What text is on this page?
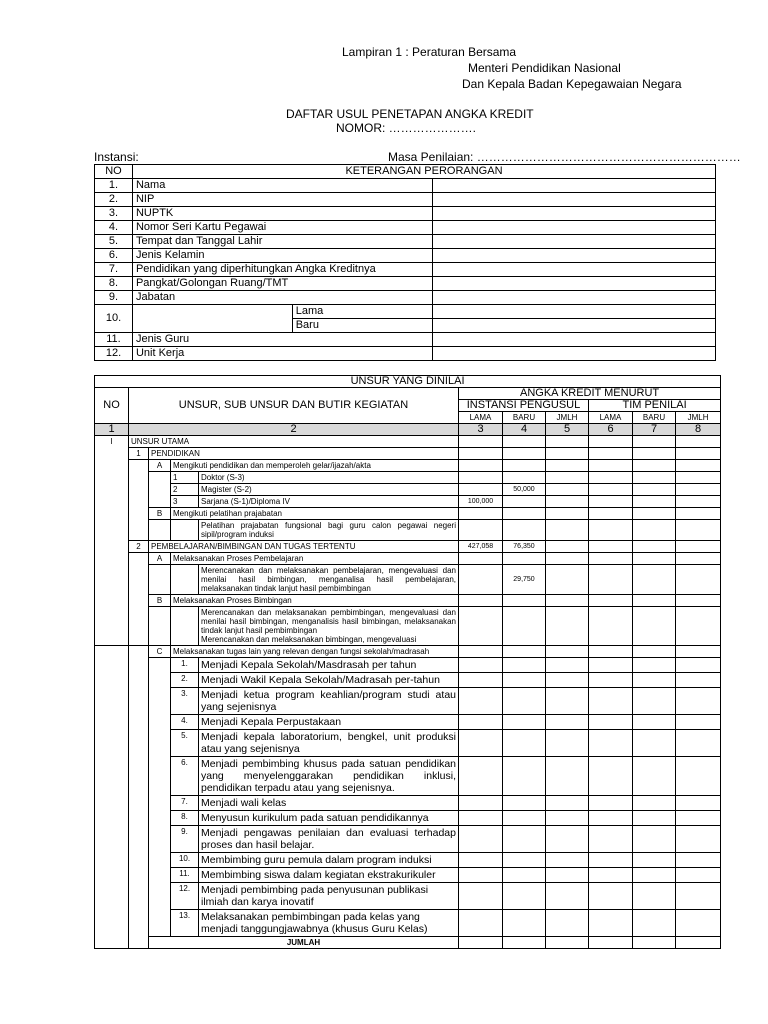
Lampiran 1 : Peraturan Bersama
Menteri Pendidikan Nasional
Dan Kepala Badan Kepegawaian Negara
DAFTAR USUL PENETAPAN ANGKA KREDIT
NOMOR: ………………….
Instansi:	Masa Penilaian: …………………………………………………………
NO	KETERANGAN PERORANGAN		
1.	Nama		
2.	NIP		
3.	NUPTK		
4.	Nomor Seri Kartu Pegawai		
5.	Tempat dan Tanggal Lahir		
6.	Jenis Kelamin		
7.	Pendidikan yang diperhitungkan Angka Kreditnya		
8.	Pangkat/Golongan Ruang/TMT		
9.	Jabatan		
10.		Lama	
		Baru	
11.	Jenis Guru		
12.	Unit Kerja		
UNSUR YANG DINILAI										
NO	UNSUR, SUB UNSUR DAN BUTIR KEGIATAN				ANGKA KREDIT MENURUT					
					INSTANSI PENGUSUL			TIM PENILAI		
					LAMA	BARU	JMLH	LAMA	BARU	JMLH
1	2				3	4	5	6	7	8
I	UNSUR UTAMA									
	1	PENDIDIKAN								
		A	Mengikuti pendidikan dan memperoleh gelar/ijazah/akta							
			1	Doktor (S-3)						
			2	Magister (S-2)		50,000				
			3	Sarjana (S-1)/Diploma IV	100,000					
		B	Mengikuti pelatihan prajabatan							
				Pelatihan prajabatan fungsional bagi guru calon pegawai negeri sipil/program induksi						
	2	PEMBELAJARAN/BIMBINGAN DAN TUGAS TERTENTU			427,058	76,350				
		A	Melaksanakan Proses Pembelajaran							
				Merencanakan dan melaksanakan pembelajaran, mengevaluasi dan menilai hasil bimbingan, menganalisa hasil pembelajaran, melaksanakan tindak lanjut hasil pembimbingan		29,750				
		B	Melaksanakan Proses Bimbingan							
				Merencanakan dan melaksanakan pembimbingan, mengevaluasi dan menilai hasil bimbingan, menganalisis hasil bimbingan, melaksanakan tindak lanjut hasil pembimbingan
Merencanakan dan melaksanakan bimbingan, mengevaluasi						
		C	Melaksanakan tugas lain yang relevan dengan fungsi sekolah/madrasah							
			1.	Menjadi Kepala Sekolah/Masdrasah per tahun						
			2.	Menjadi Wakil Kepala Sekolah/Madrasah per-tahun						
			3.	Menjadi ketua program keahlian/program studi atau yang sejenisnya						
			4.	Menjadi Kepala Perpustakaan						
			5.	Menjadi kepala laboratorium, bengkel, unit produksi atau yang sejenisnya						
			6.	Menjadi pembimbing khusus pada satuan pendidikan yang menyelenggarakan pendidikan inklusi, pendidikan terpadu atau yang sejenisnya.						
			7.	Menjadi wali kelas						
			8.	Menyusun kurikulum pada satuan pendidikannya						
			9.	Menjadi pengawas penilaian dan evaluasi terhadap proses dan hasil belajar.						
			10.	Membimbing guru pemula dalam program induksi						
			11.	Membimbing siswa dalam kegiatan ekstrakurikuler						
			12.	Menjadi pembimbing pada penyusunan publikasi ilmiah dan karya inovatif						
			13.	Melaksanakan pembimbingan pada kelas yang menjadi tanggungjawabnya (khusus Guru Kelas)						
		JUMLAH								
